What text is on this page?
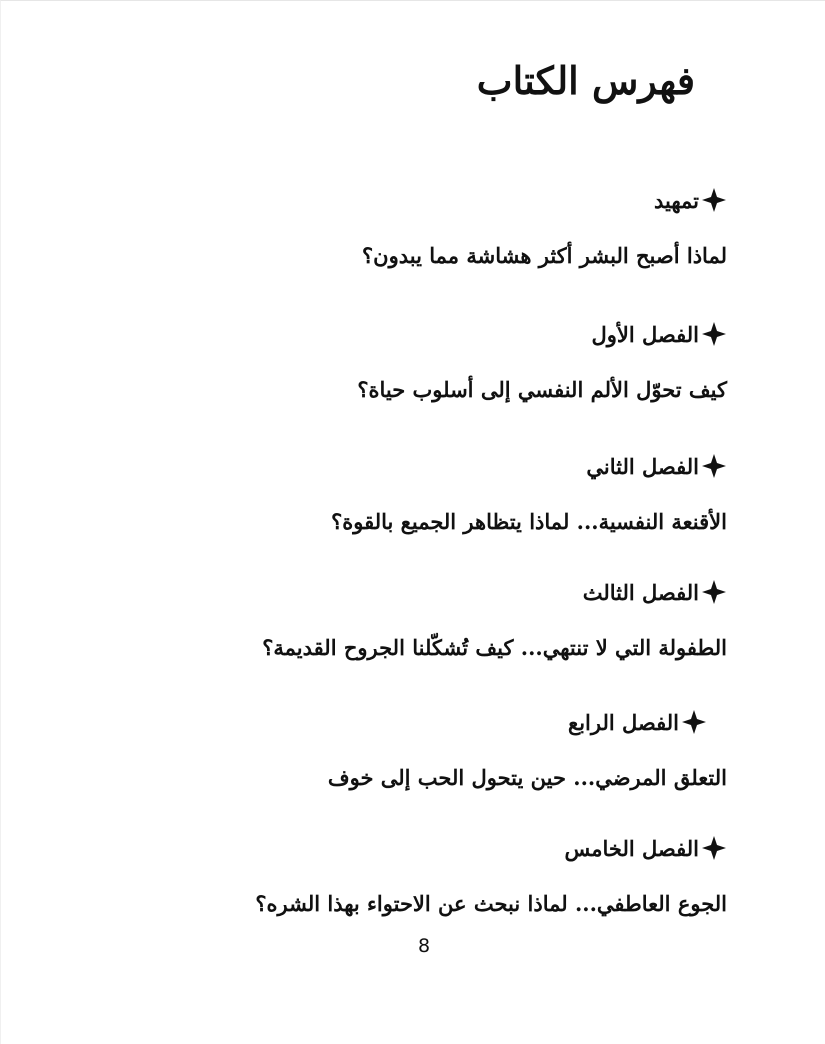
فهرس الكتاب
تمهيد
لماذا أصبح البشر أكثر هشاشة مما يبدون؟
الفصل الأول
كيف تحوّل الألم النفسي إلى أسلوب حياة؟
الفصل الثاني
الأقنعة النفسية... لماذا يتظاهر الجميع بالقوة؟
الفصل الثالث
الطفولة التي لا تنتهي... كيف تُشكّلنا الجروح القديمة؟
الفصل الرابع
التعلق المرضي... حين يتحول الحب إلى خوف
الفصل الخامس
الجوع العاطفي... لماذا نبحث عن الاحتواء بهذا الشره؟
8
